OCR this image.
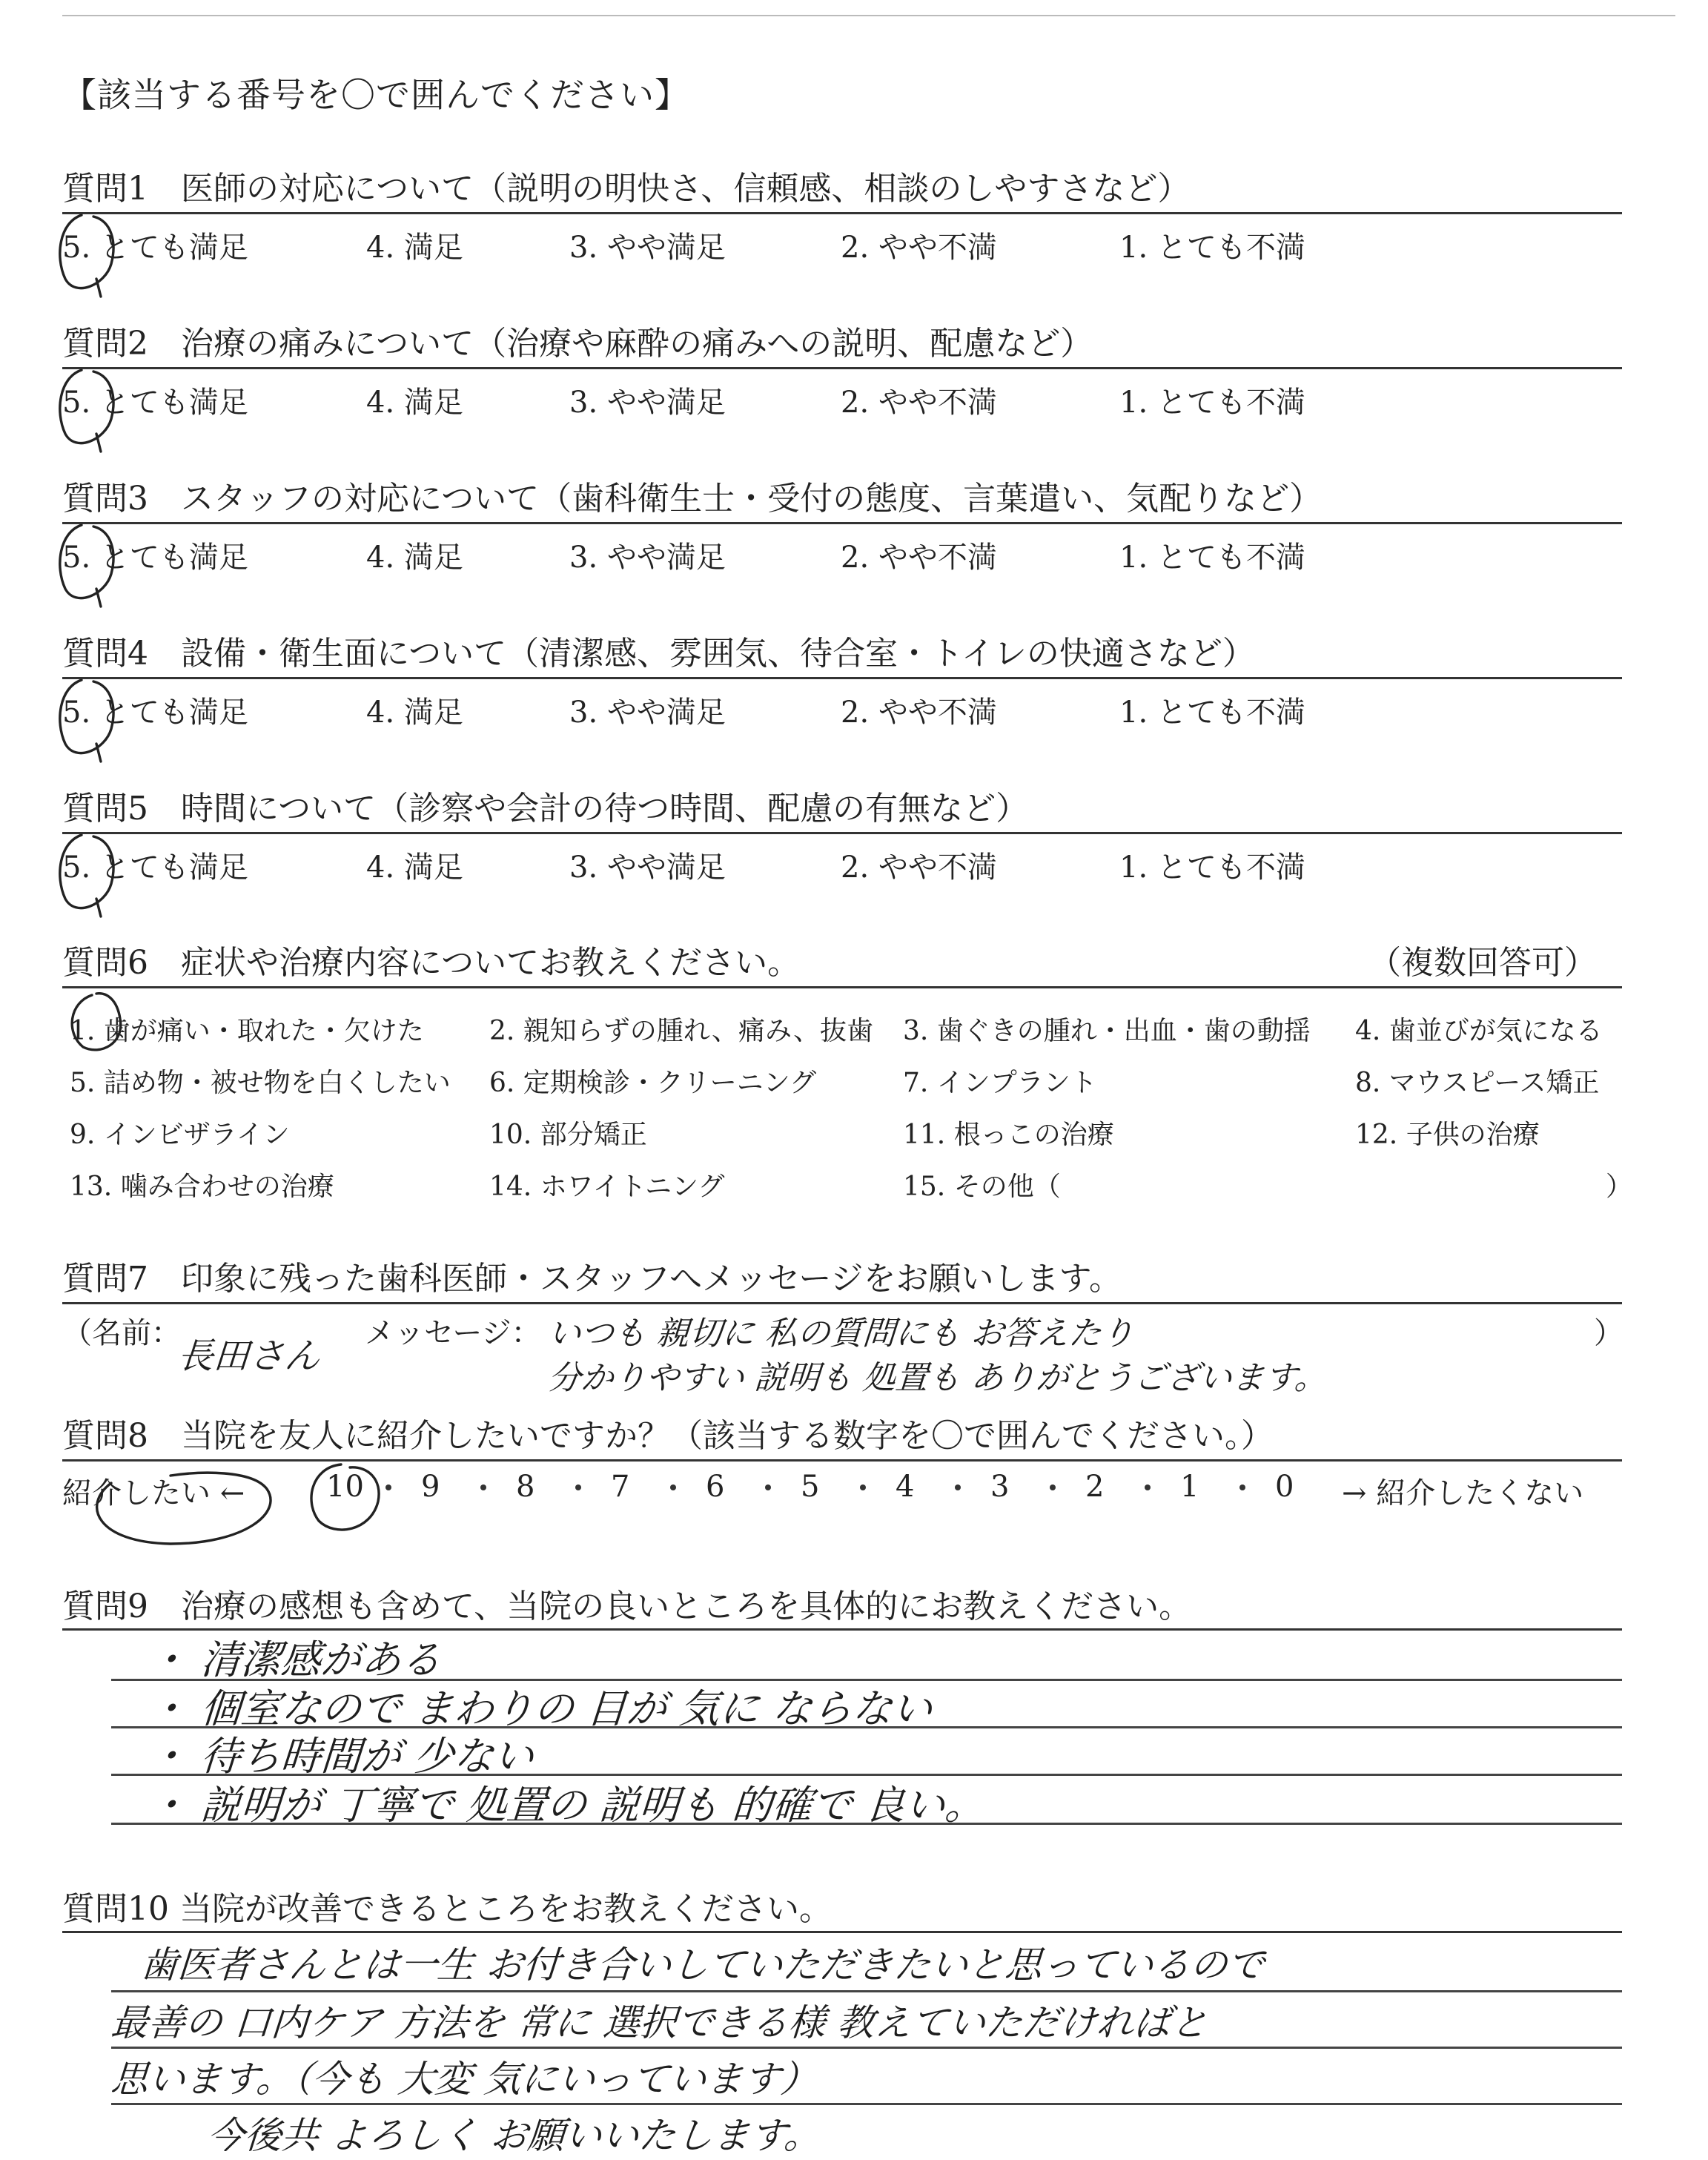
【該当する番号を〇で囲んでください】
質問1　医師の対応について（説明の明快さ、信頼感、相談のしやすさなど）
5. とても満足	4. 満足	3. やや満足	2. やや不満	1. とても不満
質問2　治療の痛みについて（治療や麻酔の痛みへの説明、配慮など）
5. とても満足	4. 満足	3. やや満足	2. やや不満	1. とても不満
質問3　スタッフの対応について（歯科衛生士・受付の態度、言葉遣い、気配りなど）
5. とても満足	4. 満足	3. やや満足	2. やや不満	1. とても不満
質問4　設備・衛生面について（清潔感、雰囲気、待合室・トイレの快適さなど）
5. とても満足	4. 満足	3. やや満足	2. やや不満	1. とても不満
質問5　時間について（診察や会計の待つ時間、配慮の有無など）
5. とても満足	4. 満足	3. やや満足	2. やや不満	1. とても不満
質問6　症状や治療内容についてお教えください。	（複数回答可）
1. 歯が痛い・取れた・欠けた 2. 親知らずの腫れ、痛み、抜歯 3. 歯ぐきの腫れ・出血・歯の動揺 4. 歯並びが気になる
5. 詰め物・被せ物を白くしたい 6. 定期検診・クリーニング	7. インプラント	8. マウスピース矯正
9. インビザライン	10. 部分矯正	11. 根っこの治療	12. 子供の治療
13. 噛み合わせの治療	14. ホワイトニング	15. その他（	）
質問7　印象に残った歯科医師・スタッフへメッセージをお願いします。
（名前：	メッセージ：	）
長田さん
いつも 親切に 私の質問にも お答えたり
分かりやすい 説明も 処置も ありがとうございます。
質問8　当院を友人に紹介したいですか？（該当する数字を〇で囲んでください。）
紹介したい ←	→ 紹介したくない
10 9	8	7	6	5	4	3	2	1	0
質問9　治療の感想も含めて、当院の良いところを具体的にお教えください。
・ 清潔感がある
・ 個室なので まわりの 目が 気に ならない
・ 待ち時間が 少ない
・ 説明が 丁寧で 処置の 説明も 的確で 良い。
質問10 当院が改善できるところをお教えください。
歯医者さんとは一生 お付き合いしていただきたいと思っているので
最善の 口内ケア 方法を 常に 選択できる様 教えていただければと
思います。（今も 大変 気にいっています）
今後共 よろしく お願いいたします。
